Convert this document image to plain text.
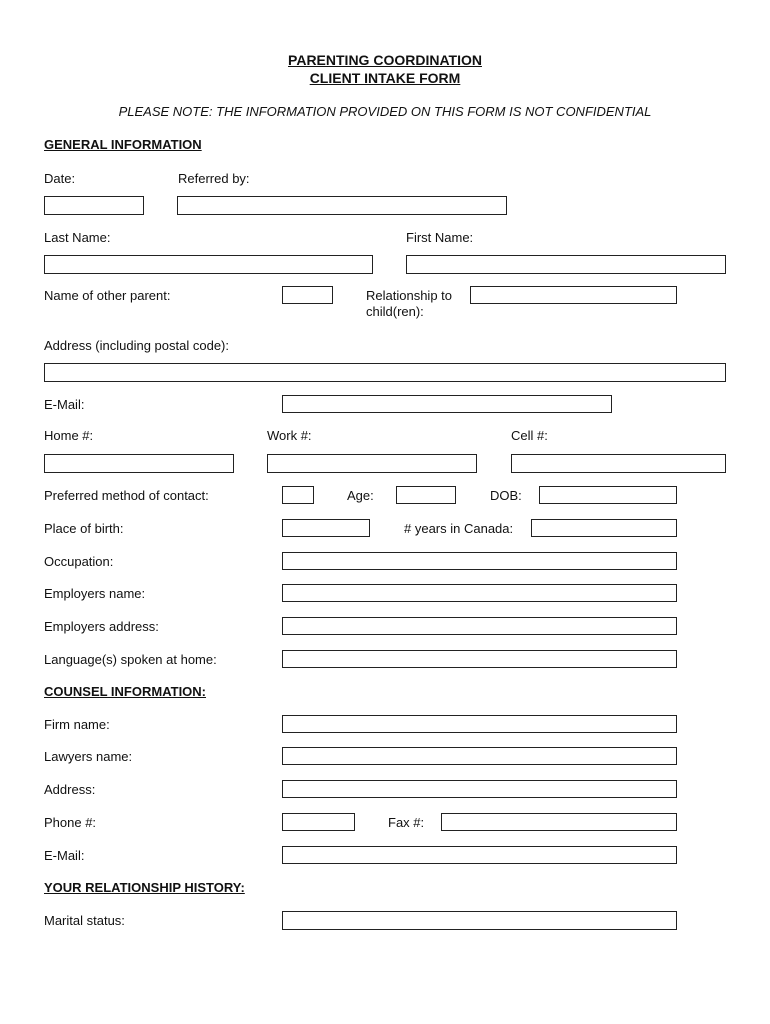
PARENTING COORDINATION
CLIENT INTAKE FORM
PLEASE NOTE: THE INFORMATION PROVIDED ON THIS FORM IS NOT CONFIDENTIAL
GENERAL INFORMATION
Date:	Referred by:
Last Name:	First Name:
Name of other parent:	Relationship to
child(ren):
Address (including postal code):
E-Mail:
Home #:	Work #:	Cell #:
Preferred method of contact:	Age:	DOB:
Place of birth:	# years in Canada:
Occupation:
Employers name:
Employers address:
Language(s) spoken at home:
COUNSEL INFORMATION:
Firm name:
Lawyers name:
Address:
Phone #:	Fax #:
E-Mail:
YOUR RELATIONSHIP HISTORY:
Marital status:
